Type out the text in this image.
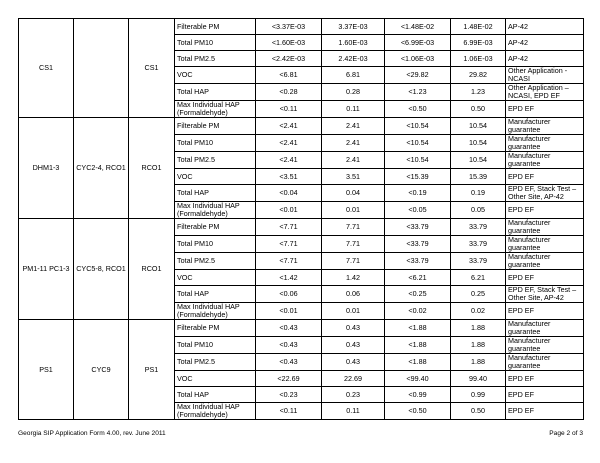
CS1		CS1	Filterable PM	<3.37E-03	3.37E-03	<1.48E-02	1.48E-02	AP-42
			Total PM10	<1.60E-03	1.60E-03	<6.99E-03	6.99E-03	AP-42
			Total PM2.5	<2.42E-03	2.42E-03	<1.06E-03	1.06E-03	AP-42
			VOC	<6.81	6.81	<29.82	29.82	Other Application - NCASI
			Total HAP	<0.28	0.28	<1.23	1.23	Other Application – NCASI, EPD EF
			Max Individual HAP (Formaldehyde)	<0.11	0.11	<0.50	0.50	EPD EF
DHM1-3	CYC2-4, RCO1	RCO1	Filterable PM	<2.41	2.41	<10.54	10.54	Manufacturer guarantee
			Total PM10	<2.41	2.41	<10.54	10.54	Manufacturer guarantee
			Total PM2.5	<2.41	2.41	<10.54	10.54	Manufacturer guarantee
			VOC	<3.51	3.51	<15.39	15.39	EPD EF
			Total HAP	<0.04	0.04	<0.19	0.19	EPD EF, Stack Test – Other Site, AP-42
			Max Individual HAP (Formaldehyde)	<0.01	0.01	<0.05	0.05	EPD EF
PM1-11 PC1-3	CYC5-8, RCO1	RCO1	Filterable PM	<7.71	7.71	<33.79	33.79	Manufacturer guarantee
			Total PM10	<7.71	7.71	<33.79	33.79	Manufacturer guarantee
			Total PM2.5	<7.71	7.71	<33.79	33.79	Manufacturer guarantee
			VOC	<1.42	1.42	<6.21	6.21	EPD EF
			Total HAP	<0.06	0.06	<0.25	0.25	EPD EF, Stack Test – Other Site, AP-42
			Max Individual HAP (Formaldehyde)	<0.01	0.01	<0.02	0.02	EPD EF
PS1	CYC9	PS1	Filterable PM	<0.43	0.43	<1.88	1.88	Manufacturer guarantee
			Total PM10	<0.43	0.43	<1.88	1.88	Manufacturer guarantee
			Total PM2.5	<0.43	0.43	<1.88	1.88	Manufacturer guarantee
			VOC	<22.69	22.69	<99.40	99.40	EPD EF
			Total HAP	<0.23	0.23	<0.99	0.99	EPD EF
			Max Individual HAP (Formaldehyde)	<0.11	0.11	<0.50	0.50	EPD EF
Georgia SIP Application Form 4.00, rev. June 2011	Page 2 of 3
